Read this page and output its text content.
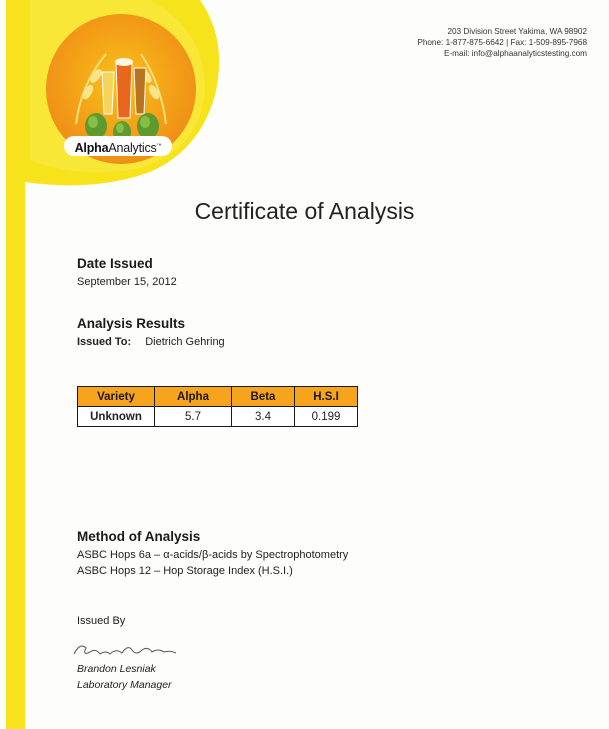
AlphaAnalytics™
203 Division Street Yakima, WA 98902
Phone: 1-877-875-6642 | Fax: 1-509-895-7968
E-mail: info@alphaanalyticstesting.com
Certificate of Analysis
Date Issued
September 15, 2012
Analysis Results
Issued To: Dietrich Gehring
Variety	Alpha	Beta	H.S.I
Unknown	5.7	3.4	0.199
Method of Analysis
ASBC Hops 6a – α-acids/β-acids by Spectrophotometry
ASBC Hops 12 – Hop Storage Index (H.S.I.)
Issued By
Brandon Lesniak
Laboratory Manager
